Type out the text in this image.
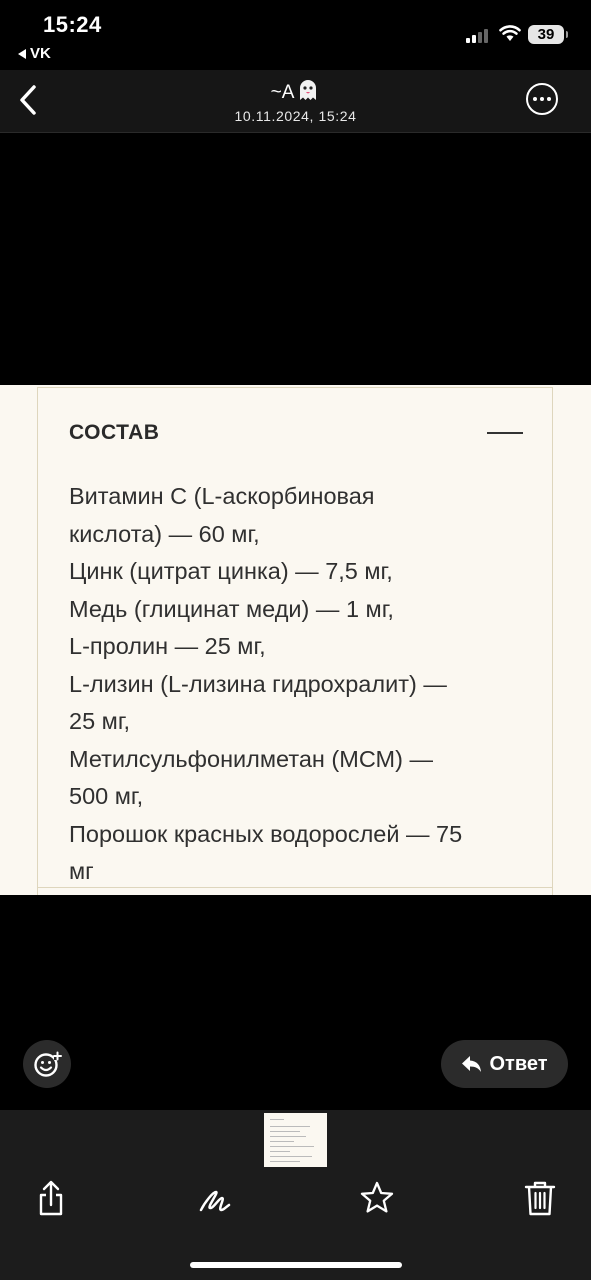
15:24
VK
39
~A
10.11.2024, 15:24
СОСТАВ
Витамин С (L-аскорбиновая
кислота) — 60 мг,
Цинк (цитрат цинка) — 7,5 мг,
Медь (глицинат меди) — 1 мг,
L-пролин — 25 мг,
L-лизин (L-лизина гидрохралит) —
25 мг,
Метилсульфонилметан (МСМ) —
500 мг,
Порошок красных водорослей — 75
мг
Ответ
